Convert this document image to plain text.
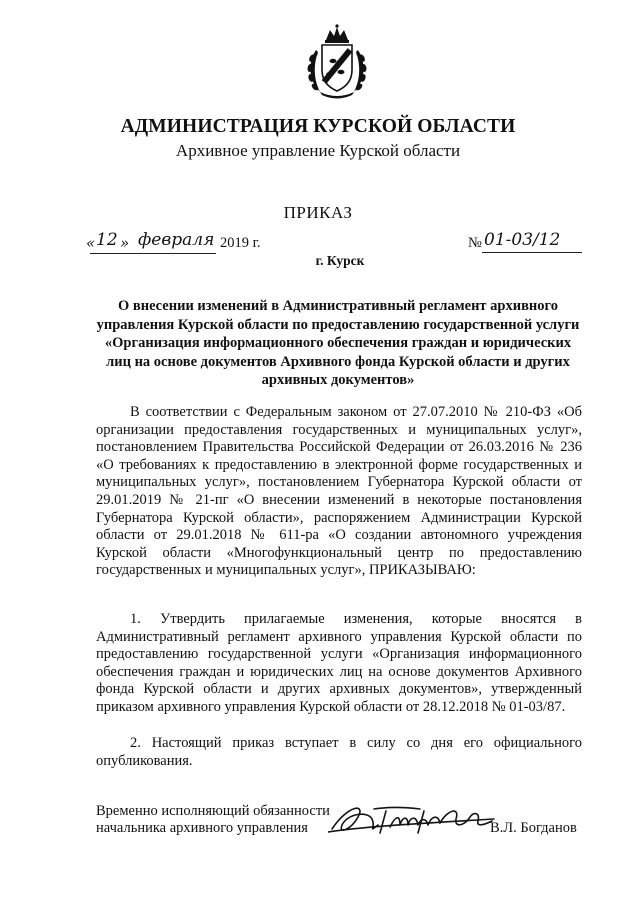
АДМИНИСТРАЦИЯ КУРСКОЙ ОБЛАСТИ
Архивное управление Курской области
ПРИКАЗ
« 12 » февраля 2019 г.	№ 01-03/12
г. Курск
О внесении изменений в Административный регламент архивного управления Курской области по предоставлению государственной услуги «Организация информационного обеспечения граждан и юридических лиц на основе документов Архивного фонда Курской области и других архивных документов»
В соответствии с Федеральным законом от 27.07.2010 № 210-ФЗ «Об организации предоставления государственных и муниципальных услуг», постановлением Правительства Российской Федерации от 26.03.2016 № 236 «О требованиях к предоставлению в электронной форме государственных и муниципальных услуг», постановлением Губернатора Курской области от 29.01.2019 № 21-пг «О внесении изменений в некоторые постановления Губернатора Курской области», распоряжением Администрации Курской области от 29.01.2018 № 611-ра «О создании автономного учреждения Курской области «Многофункциональный центр по предоставлению государственных и муниципальных услуг», ПРИКАЗЫВАЮ:
1. Утвердить прилагаемые изменения, которые вносятся в Административный регламент архивного управления Курской области по предоставлению государственной услуги «Организация информационного обеспечения граждан и юридических лиц на основе документов Архивного фонда Курской области и других архивных документов», утвержденный приказом архивного управления Курской области от 28.12.2018 № 01-03/87.
2. Настоящий приказ вступает в силу со дня его официального опубликования.
Временно исполняющий обязанности
начальника архивного управления	В.Л. Богданов
